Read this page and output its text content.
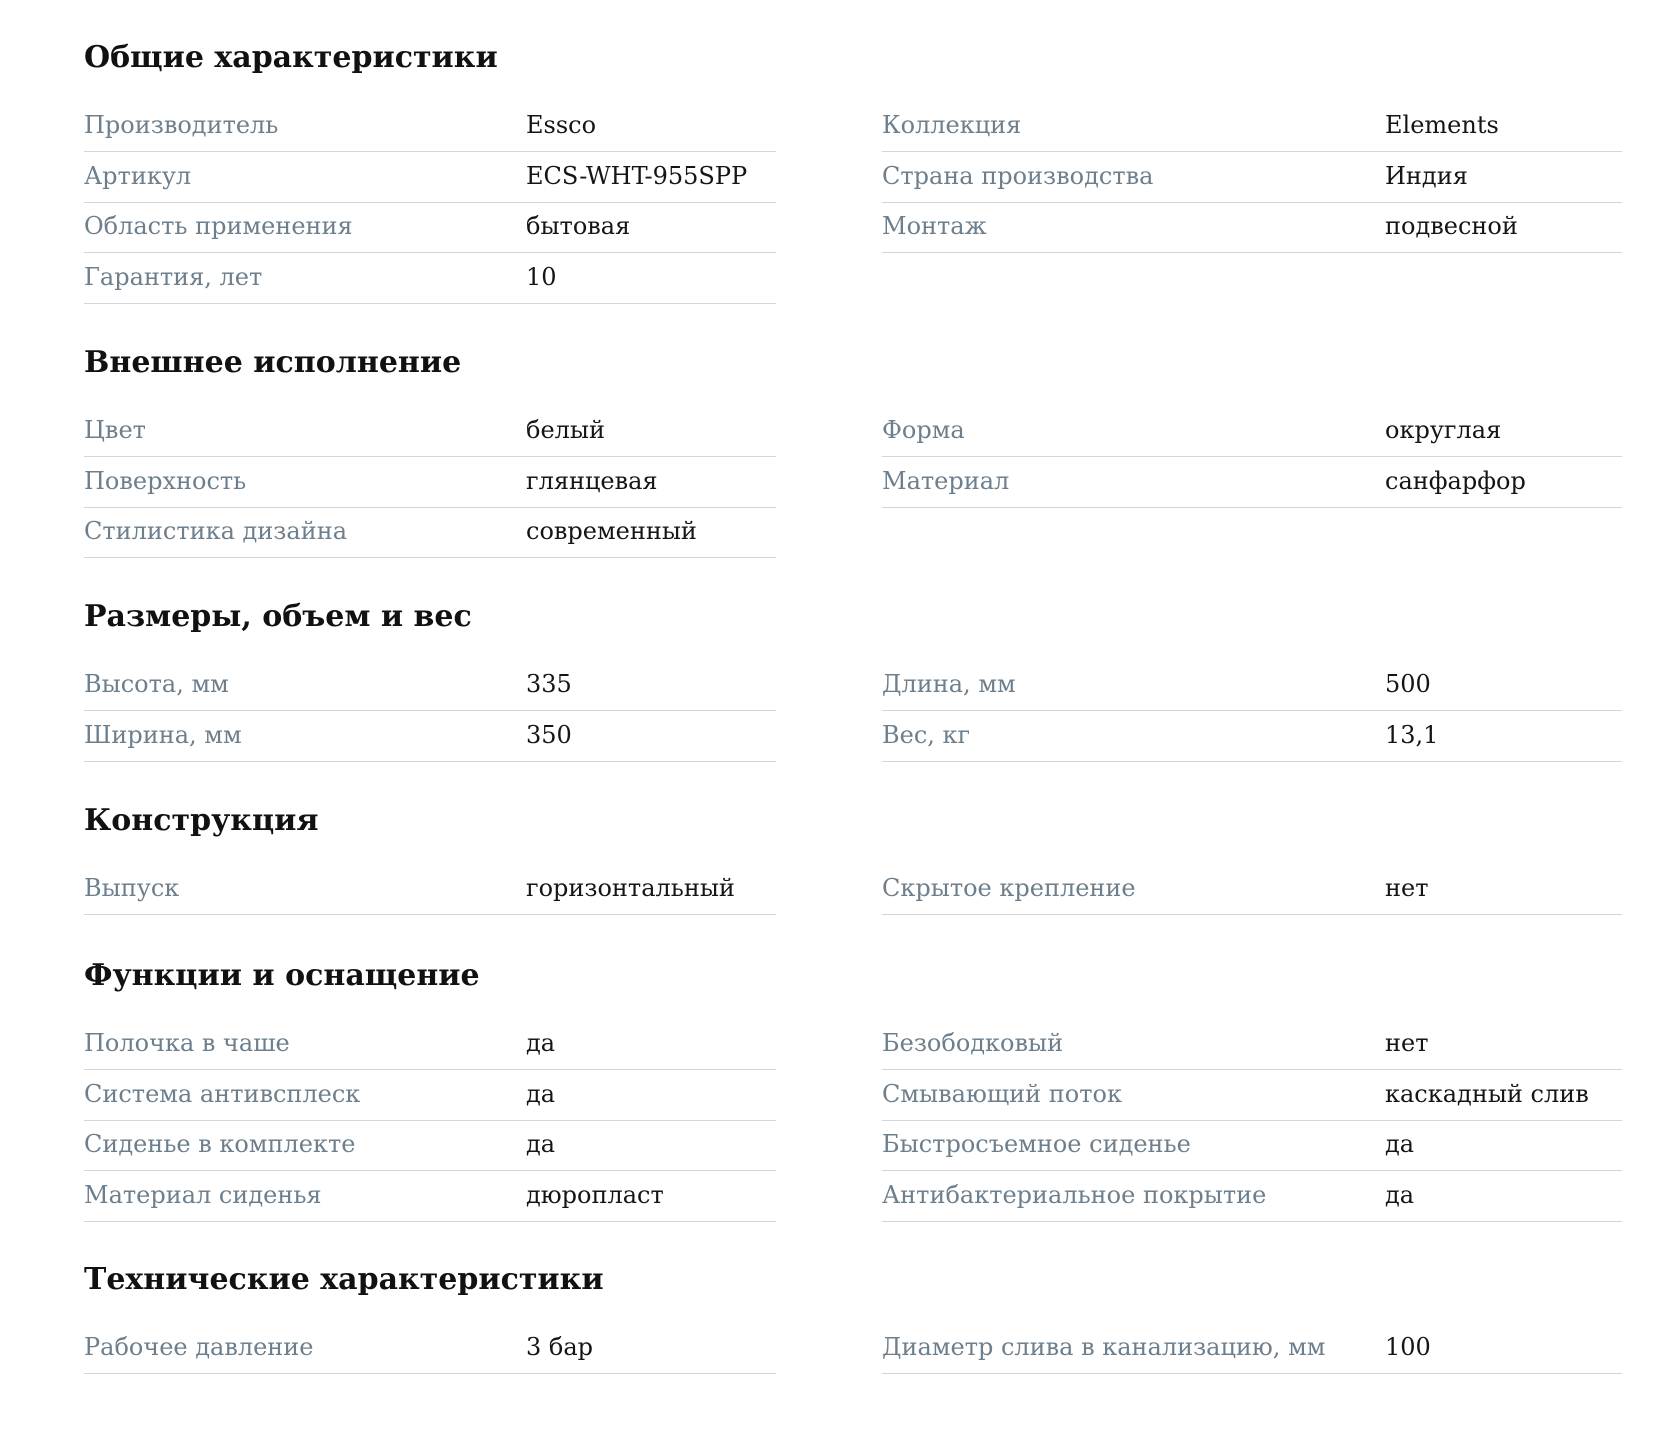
Общие характеристики
Производитель	Essco
Артикул	ECS-WHT-955SPP
Область применения	бытовая
Гарантия, лет	10
Коллекция	Elements
Страна производства	Индия
Монтаж	подвесной
Внешнее исполнение
Цвет	белый
Поверхность	глянцевая
Стилистика дизайна	современный
Форма	округлая
Материал	санфарфор
Размеры, объем и вес
Высота, мм	335
Ширина, мм	350
Длина, мм	500
Вес, кг	13,1
Конструкция
Выпуск	горизонтальный	Скрытое крепление	нет
Функции и оснащение
Полочка в чаше	да
Система антивсплеск	да
Сиденье в комплекте	да
Материал сиденья	дюропласт
Безободковый	нет
Смывающий поток	каскадный слив
Быстросъемное сиденье	да
Антибактериальное покрытие	да
Технические характеристики
Рабочее давление	3 бар	Диаметр слива в канализацию, мм 100
